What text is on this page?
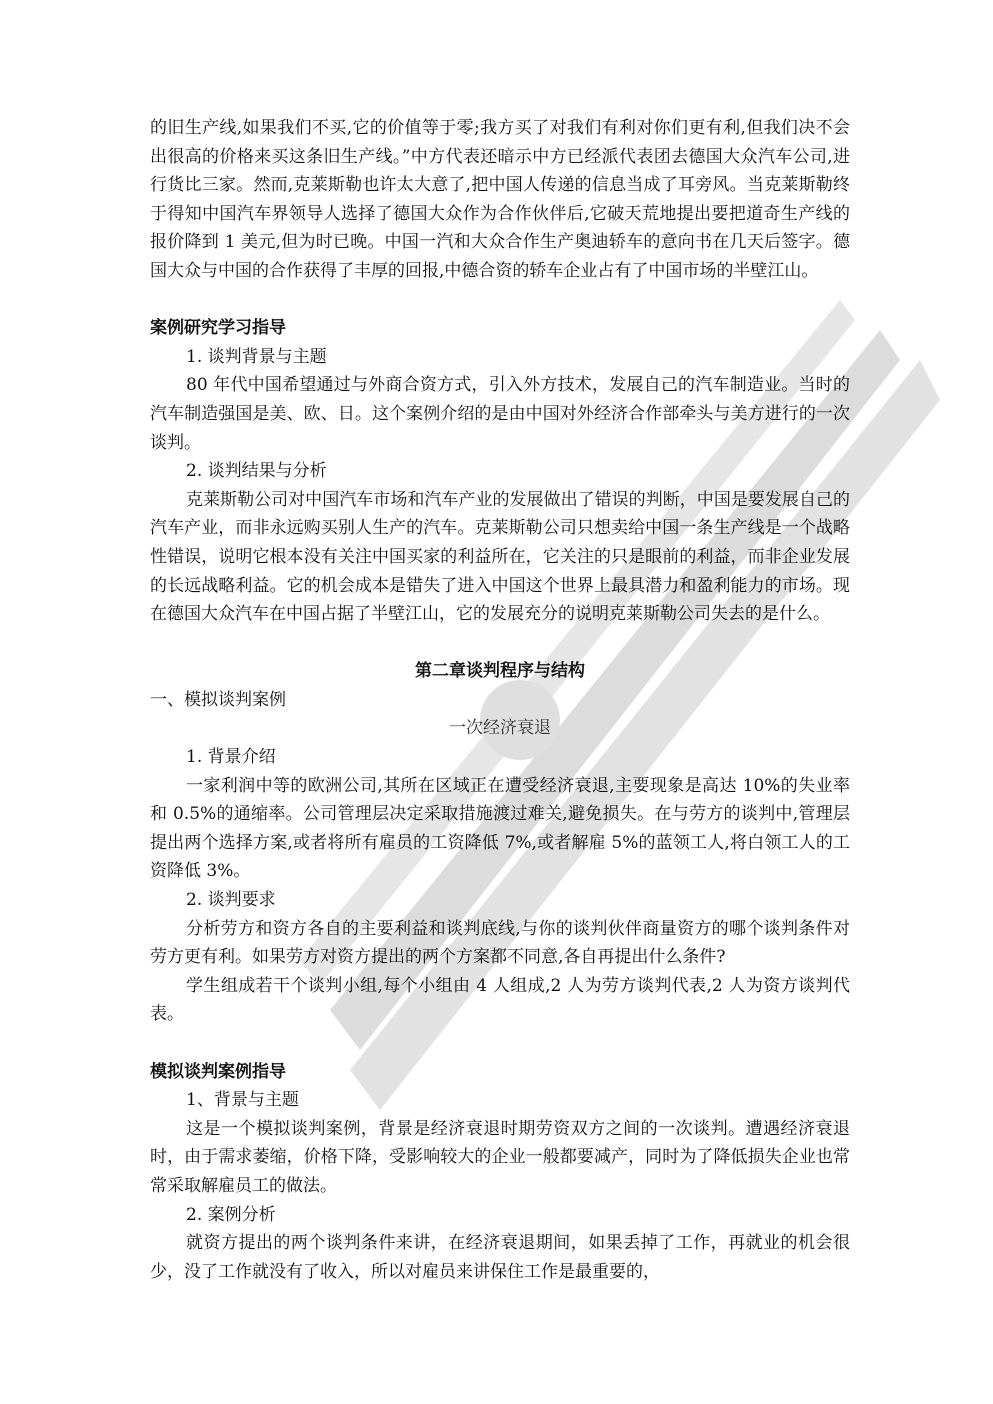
的旧生产线,如果我们不买,它的价值等于零;我方买了对我们有利对你们更有利,但我们决不会出很高的价格来买这条旧生产线。”中方代表还暗示中方已经派代表团去德国大众汽车公司,进行货比三家。然而,克莱斯勒也许太大意了,把中国人传递的信息当成了耳旁风。当克莱斯勒终于得知中国汽车界领导人选择了德国大众作为合作伙伴后,它破天荒地提出要把道奇生产线的报价降到 1 美元,但为时已晚。中国一汽和大众合作生产奥迪轿车的意向书在几天后签字。德国大众与中国的合作获得了丰厚的回报,中德合资的轿车企业占有了中国市场的半壁江山。

案例研究学习指导

1. 谈判背景与主题

80 年代中国希望通过与外商合资方式，引入外方技术，发展自己的汽车制造业。当时的汽车制造强国是美、欧、日。这个案例介绍的是由中国对外经济合作部牵头与美方进行的一次谈判。

2. 谈判结果与分析

克莱斯勒公司对中国汽车市场和汽车产业的发展做出了错误的判断，中国是要发展自己的汽车产业，而非永远购买别人生产的汽车。克莱斯勒公司只想卖给中国一条生产线是一个战略性错误，说明它根本没有关注中国买家的利益所在，它关注的只是眼前的利益，而非企业发展的长远战略利益。它的机会成本是错失了进入中国这个世界上最具潜力和盈利能力的市场。现在德国大众汽车在中国占据了半壁江山，它的发展充分的说明克莱斯勒公司失去的是什么。

第二章谈判程序与结构

一、模拟谈判案例

一次经济衰退

1. 背景介绍

一家利润中等的欧洲公司,其所在区域正在遭受经济衰退,主要现象是高达 10%的失业率和 0.5%的通缩率。公司管理层决定采取措施渡过难关,避免损失。在与劳方的谈判中,管理层提出两个选择方案,或者将所有雇员的工资降低 7%,或者解雇 5%的蓝领工人,将白领工人的工资降低 3%。

2. 谈判要求

分析劳方和资方各自的主要利益和谈判底线,与你的谈判伙伴商量资方的哪个谈判条件对劳方更有利。如果劳方对资方提出的两个方案都不同意,各自再提出什么条件?

学生组成若干个谈判小组,每个小组由 4 人组成,2 人为劳方谈判代表,2 人为资方谈判代表。

模拟谈判案例指导

1、背景与主题

这是一个模拟谈判案例，背景是经济衰退时期劳资双方之间的一次谈判。遭遇经济衰退时，由于需求萎缩，价格下降，受影响较大的企业一般都要减产，同时为了降低损失企业也常常采取解雇员工的做法。

2. 案例分析

就资方提出的两个谈判条件来讲，在经济衰退期间，如果丢掉了工作，再就业的机会很少，没了工作就没有了收入，所以对雇员来讲保住工作是最重要的，
